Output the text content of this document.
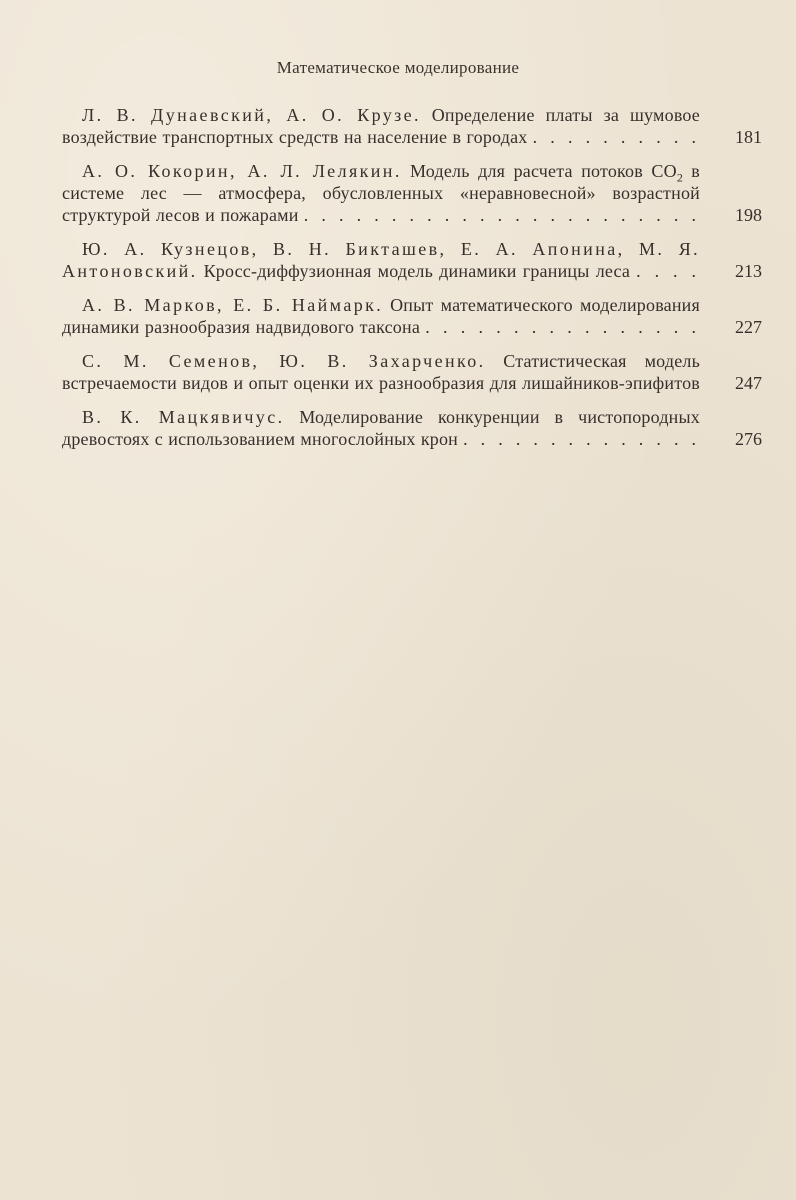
Математическое моделирование
Л. В. Дунаевский, А. О. Крузе. Определение платы за шумовое воздействие транспортных средств на население в городах . . . . . . . . . .	181
А. О. Кокорин, А. Л. Лелякин. Модель для расчета потоков $CO_2$ в системе лес — атмосфера, обусловленных «неравновесной» возрастной структурой лесов и пожарами . . . . . . . . . . . . . . . . . . . . . . .	198
Ю. А. Кузнецов, В. Н. Бикташев, Е. А. Апонина, М. Я. Антоновский. Кросс-диффузионная модель динамики границы леса . . . .	213
А. В. Марков, Е. Б. Наймарк. Опыт математического моделирования динамики разнообразия надвидового таксона . . . . . . . . . . . . . . . .	227
С. М. Семенов, Ю. В. Захарченко. Статистическая модель встречаемости видов и опыт оценки их разнообразия для лишайников-эпифитов	247
В. К. Мацкявичус. Моделирование конкуренции в чистопородных древостоях с использованием многослойных крон . . . . . . . . . . . . . .	276
